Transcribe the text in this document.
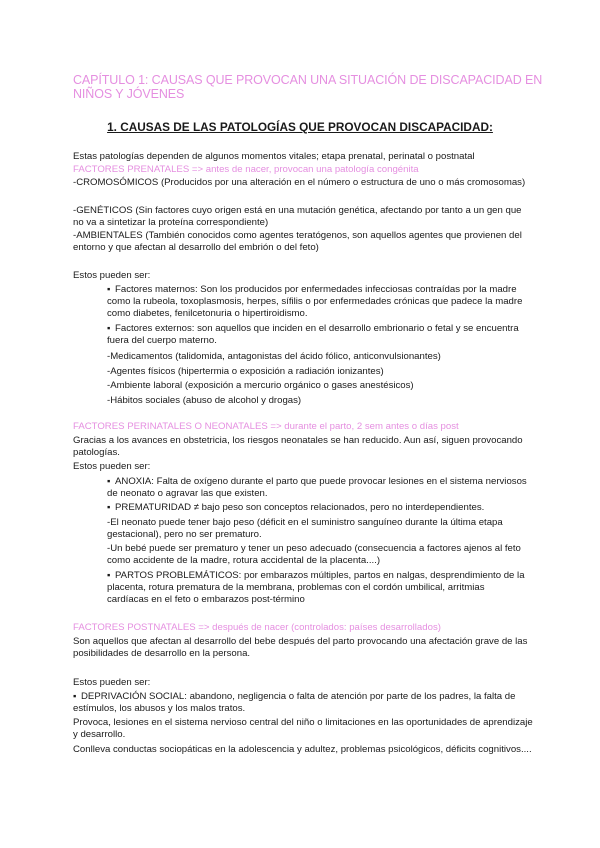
CAPÍTULO 1: CAUSAS QUE PROVOCAN UNA SITUACIÓN DE DISCAPACIDAD EN NIÑOS Y JÓVENES
1. CAUSAS DE LAS PATOLOGÍAS QUE PROVOCAN DISCAPACIDAD:

Estas patologías dependen de algunos momentos vitales; etapa prenatal, perinatal o postnatal

FACTORES PRENATALES => antes de nacer, provocan una patología congénita

-CROMOSÓMICOS (Producidos por una alteración en el número o estructura de uno o más cromosomas)

-GENÉTICOS (Sin factores cuyo origen está en una mutación genética, afectando por tanto a un gen que no va a sintetizar la proteína correspondiente)

-AMBIENTALES (También conocidos como agentes teratógenos, son aquellos agentes que provienen del entorno y que afectan al desarrollo del embrión o del feto)

Estos pueden ser:

▪ Factores maternos: Son los producidos por enfermedades infecciosas contraídas por la madre como la rubeola, toxoplasmosis, herpes, sífilis o por enfermedades crónicas que padece la madre como diabetes, fenilcetonuria o hipertiroidismo.

▪ Factores externos: son aquellos que inciden en el desarrollo embrionario o fetal y se encuentra fuera del cuerpo materno.

-Medicamentos (talidomida, antagonistas del ácido fólico, anticonvulsionantes)

-Agentes físicos (hipertermia o exposición a radiación ionizantes)

-Ambiente laboral (exposición a mercurio orgánico o gases anestésicos)

-Hábitos sociales (abuso de alcohol y drogas)

FACTORES PERINATALES O NEONATALES => durante el parto, 2 sem antes o días post

Gracias a los avances en obstetricia, los riesgos neonatales se han reducido. Aun así, siguen provocando patologías.

Estos pueden ser:

▪ ANOXIA: Falta de oxígeno durante el parto que puede provocar lesiones en el sistema nerviosos de neonato o agravar las que existen.

▪ PREMATURIDAD ≠ bajo peso son conceptos relacionados, pero no interdependientes.

-El neonato puede tener bajo peso (déficit en el suministro sanguíneo durante la última etapa gestacional), pero no ser prematuro.

-Un bebé puede ser prematuro y tener un peso adecuado (consecuencia a factores ajenos al feto como accidente de la madre, rotura accidental de la placenta....)

▪ PARTOS PROBLEMÁTICOS: por embarazos múltiples, partos en nalgas, desprendimiento de la placenta, rotura prematura de la membrana, problemas con el cordón umbilical, arritmias cardíacas en el feto o embarazos post-término

FACTORES POSTNATALES => después de nacer (controlados: países desarrollados)

Son aquellos que afectan al desarrollo del bebe después del parto provocando una afectación grave de las posibilidades de desarrollo en la persona.

Estos pueden ser:

▪ DEPRIVACIÓN SOCIAL: abandono, negligencia o falta de atención por parte de los padres, la falta de estímulos, los abusos y los malos tratos.

Provoca, lesiones en el sistema nervioso central del niño o limitaciones en las oportunidades de aprendizaje y desarrollo.

Conlleva conductas sociopáticas en la adolescencia y adultez, problemas psicológicos, déficits cognitivos....
